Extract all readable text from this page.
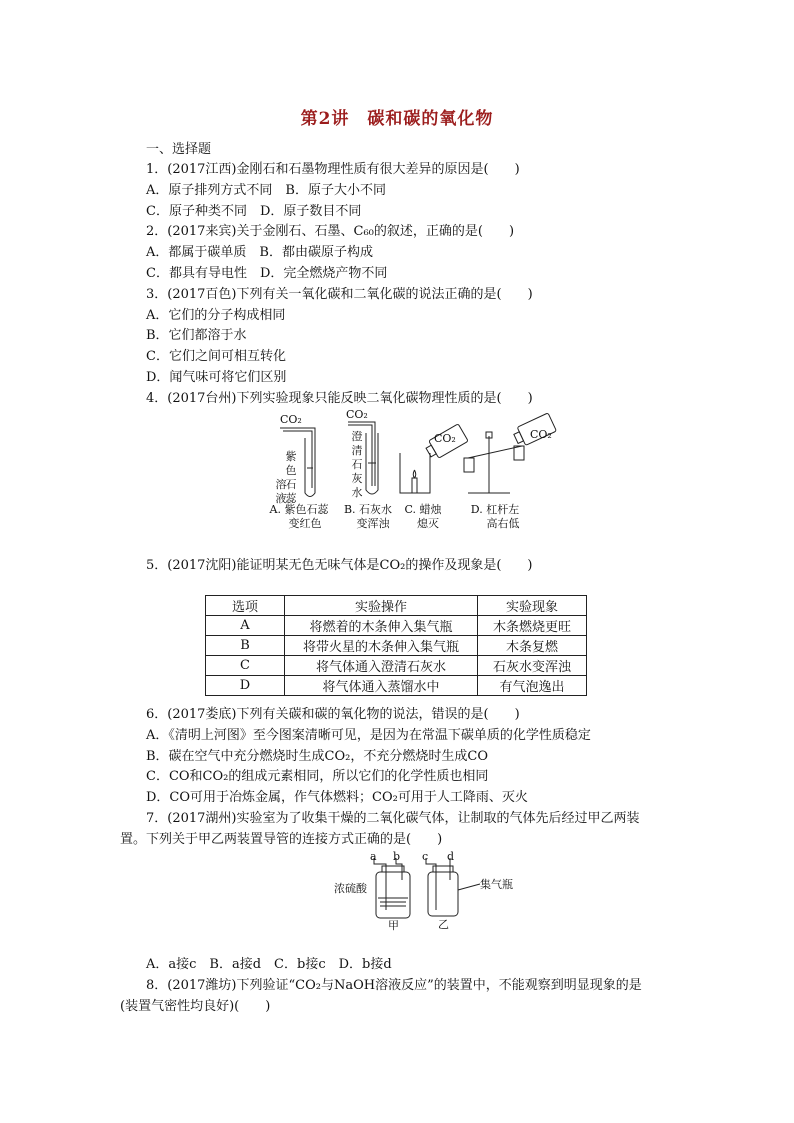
第2讲　碳和碳的氧化物
一、选择题
1．(2017江西)金刚石和石墨物理性质有很大差异的原因是(　　)
A．原子排列方式不同　B．原子大小不同
C．原子种类不同　D．原子数目不同
2．(2017来宾)关于金刚石、石墨、C₆₀的叙述，正确的是(　　)
A．都属于碳单质　B．都由碳原子构成
C．都具有导电性　D．完全燃烧产物不同
3．(2017百色)下列有关一氧化碳和二氧化碳的说法正确的是(　　)
A．它们的分子构成相同
B．它们都溶于水
C．它们之间可相互转化
D．闻气味可将它们区别
4．(2017台州)下列实验现象只能反映二氧化碳物理性质的是(　　)
CO₂	CO₂
CO₂	CO₂
紫
色
石
蕊
溶
液
澄
清
石
灰
水
A. 紫色石蕊
变红色
B. 石灰水
变浑浊
C. 蜡烛
熄灭
D. 杠杆左
高右低
5．(2017沈阳)能证明某无色无味气体是CO₂的操作及现象是(　　)
选项	实验操作	实验现象
A	将燃着的木条伸入集气瓶	木条燃烧更旺
B	将带火星的木条伸入集气瓶	木条复燃
C	将气体通入澄清石灰水	石灰水变浑浊
D	将气体通入蒸馏水中	有气泡逸出
6．(2017娄底)下列有关碳和碳的氧化物的说法，错误的是(　　)
A．《清明上河图》至今图案清晰可见，是因为在常温下碳单质的化学性质稳定
B．碳在空气中充分燃烧时生成CO₂，不充分燃烧时生成CO
C．CO和CO₂的组成元素相同，所以它们的化学性质也相同
D．CO可用于冶炼金属，作气体燃料；CO₂可用于人工降雨、灭火
7．(2017湖州)实验室为了收集干燥的二氧化碳气体，让制取的气体先后经过甲乙两装
置。下列关于甲乙两装置导管的连接方式正确的是(　　)
a b c d
浓硫酸	集气瓶
甲	乙
A．a接c　B．a接d　C．b接c　D．b接d
8．(2017潍坊)下列验证“CO₂与NaOH溶液反应”的装置中，不能观察到明显现象的是
(装置气密性均良好)(　　)
